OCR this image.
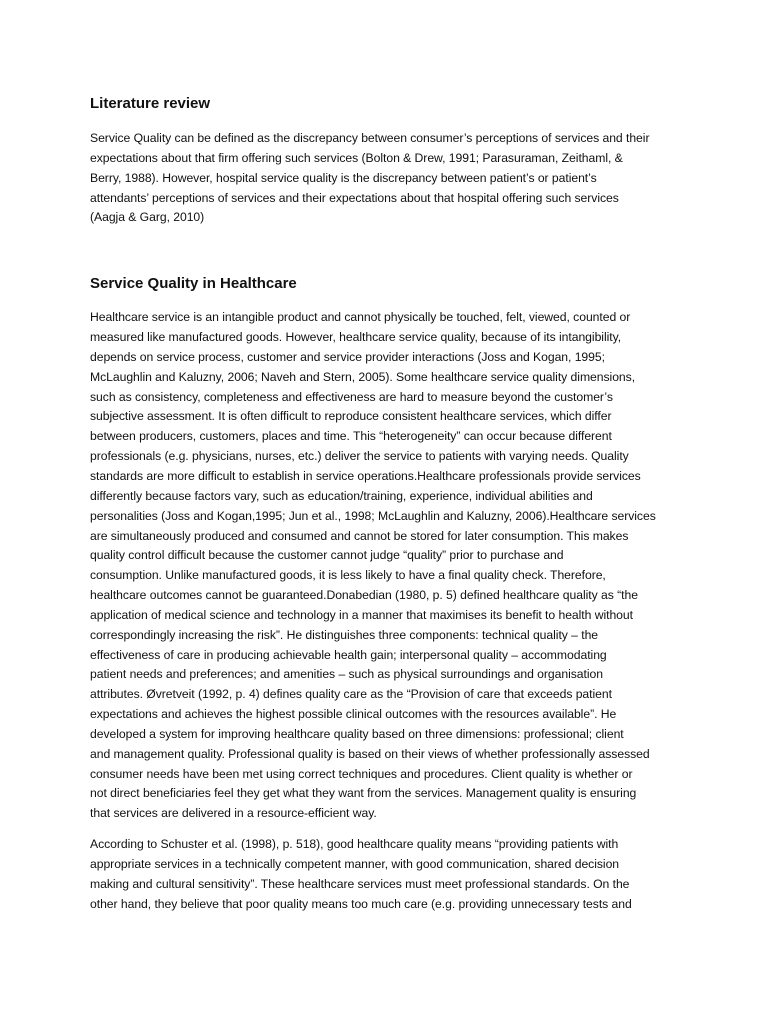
Literature review

Service Quality can be defined as the discrepancy between consumer’s perceptions of services and their
expectations about that firm offering such services (Bolton & Drew, 1991; Parasuraman, Zeithaml, &
Berry, 1988). However, hospital service quality is the discrepancy between patient’s or patient’s
attendants’ perceptions of services and their expectations about that hospital offering such services
(Aagja & Garg, 2010)

Service Quality in Healthcare

Healthcare service is an intangible product and cannot physically be touched, felt, viewed, counted or
measured like manufactured goods. However, healthcare service quality, because of its intangibility,
depends on service process, customer and service provider interactions (Joss and Kogan, 1995;
McLaughlin and Kaluzny, 2006; Naveh and Stern, 2005). Some healthcare service quality dimensions,
such as consistency, completeness and effectiveness are hard to measure beyond the customer’s
subjective assessment. It is often difficult to reproduce consistent healthcare services, which differ
between producers, customers, places and time. This “heterogeneity” can occur because different
professionals (e.g. physicians, nurses, etc.) deliver the service to patients with varying needs. Quality
standards are more difficult to establish in service operations.Healthcare professionals provide services
differently because factors vary, such as education/training, experience, individual abilities and
personalities (Joss and Kogan,1995; Jun et al., 1998; McLaughlin and Kaluzny, 2006).Healthcare services
are simultaneously produced and consumed and cannot be stored for later consumption. This makes
quality control difficult because the customer cannot judge “quality” prior to purchase and
consumption. Unlike manufactured goods, it is less likely to have a final quality check. Therefore,
healthcare outcomes cannot be guaranteed.Donabedian (1980, p. 5) defined healthcare quality as “the
application of medical science and technology in a manner that maximises its benefit to health without
correspondingly increasing the risk”. He distinguishes three components: technical quality – the
effectiveness of care in producing achievable health gain; interpersonal quality – accommodating
patient needs and preferences; and amenities – such as physical surroundings and organisation
attributes. Øvretveit (1992, p. 4) defines quality care as the “Provision of care that exceeds patient
expectations and achieves the highest possible clinical outcomes with the resources available”. He
developed a system for improving healthcare quality based on three dimensions: professional; client
and management quality. Professional quality is based on their views of whether professionally assessed
consumer needs have been met using correct techniques and procedures. Client quality is whether or
not direct beneficiaries feel they get what they want from the services. Management quality is ensuring
that services are delivered in a resource-efficient way.

According to Schuster et al. (1998), p. 518), good healthcare quality means “providing patients with
appropriate services in a technically competent manner, with good communication, shared decision
making and cultural sensitivity”. These healthcare services must meet professional standards. On the
other hand, they believe that poor quality means too much care (e.g. providing unnecessary tests and
